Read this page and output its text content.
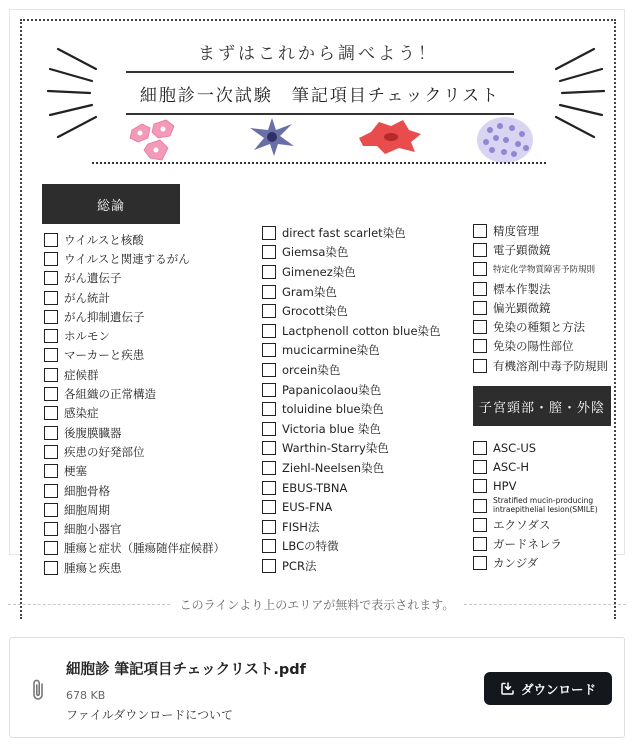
まずはこれから調べよう！
細胞診一次試験　筆記項目チェックリスト
総論
ウイルスと核酸
ウイルスと関連するがん
がん遺伝子
がん統計
がん抑制遺伝子
ホルモン
マーカーと疾患
症候群
各組織の正常構造
感染症
後腹膜臓器
疾患の好発部位
梗塞
細胞骨格
細胞周期
細胞小器官
腫瘍と症状（腫瘍随伴症候群）
腫瘍と疾患
direct fast scarlet染色
Giemsa染色
Gimenez染色
Gram染色
Grocott染色
Lactphenoll cotton blue染色
mucicarmine染色
orcein染色
Papanicolaou染色
toluidine blue染色
Victoria blue 染色
Warthin-Starry染色
Ziehl-Neelsen染色
EBUS-TBNA
EUS-FNA
FISH法
LBCの特徴
PCR法
精度管理
電子顕微鏡
特定化学物質障害予防規則
標本作製法
偏光顕微鏡
免染の種類と方法
免染の陽性部位
有機溶剤中毒予防規則
子宮頸部・膣・外陰
ASC-US
ASC-H
HPV
Stratified mucin-producing intraepithelial lesion(SMILE)
エクソダス
ガードネレラ
カンジダ
このラインより上のエリアが無料で表示されます。
細胞診 筆記項目チェックリスト.pdf
678 KB
ファイルダウンロードについて
ダウンロード
